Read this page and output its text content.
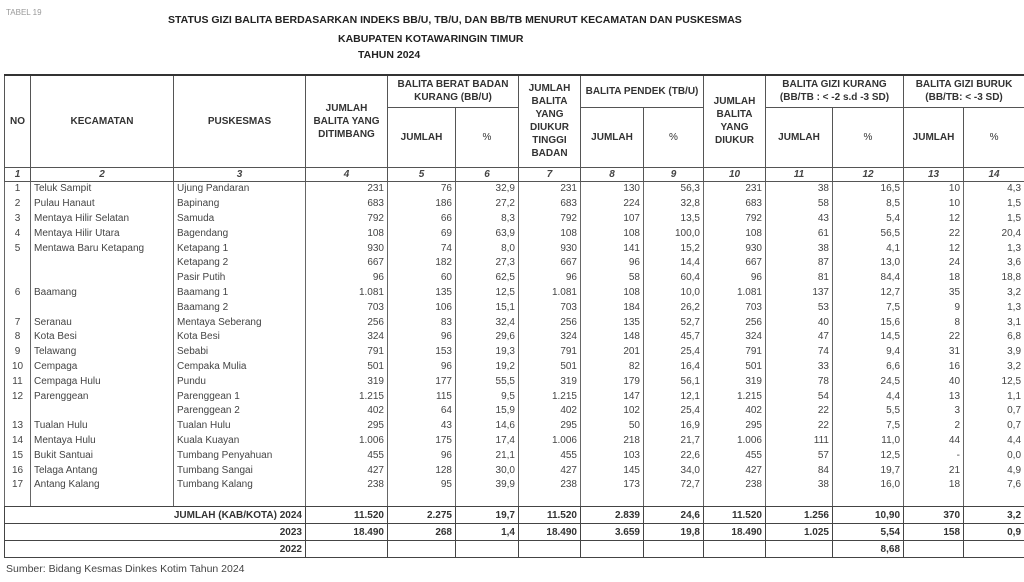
TABEL 19
STATUS GIZI BALITA BERDASARKAN INDEKS BB/U, TB/U, DAN BB/TB MENURUT KECAMATAN DAN PUSKESMAS
KABUPATEN KOTAWARINGIN TIMUR
TAHUN 2024
NO	KECAMATAN	PUSKESMAS	JUMLAH BALITA YANG DITIMBANG	BALITA BERAT BADAN KURANG (BB/U)		JUMLAH BALITA YANG DIUKUR TINGGI BADAN	BALITA PENDEK (TB/U)		JUMLAH BALITA YANG DIUKUR	BALITA GIZI KURANG (BB/TB : < -2 s.d -3 SD)		BALITA GIZI BURUK (BB/TB: < -3 SD)	
				JUMLAH	%		JUMLAH	%		JUMLAH	%	JUMLAH	%
1	2	3	4	5	6	7	8	9	10	11	12	13	14
1	Teluk Sampit	Ujung Pandaran	231	76	32,9	231	130	56,3	231	38	16,5	10	4,3
2	Pulau Hanaut	Bapinang	683	186	27,2	683	224	32,8	683	58	8,5	10	1,5
3	Mentaya Hilir Selatan	Samuda	792	66	8,3	792	107	13,5	792	43	5,4	12	1,5
4	Mentaya Hilir Utara	Bagendang	108	69	63,9	108	108	100,0	108	61	56,5	22	20,4
5	Mentawa Baru Ketapang	Ketapang 1	930	74	8,0	930	141	15,2	930	38	4,1	12	1,3
		Ketapang 2	667	182	27,3	667	96	14,4	667	87	13,0	24	3,6
		Pasir Putih	96	60	62,5	96	58	60,4	96	81	84,4	18	18,8
6	Baamang	Baamang 1	1.081	135	12,5	1.081	108	10,0	1.081	137	12,7	35	3,2
		Baamang 2	703	106	15,1	703	184	26,2	703	53	7,5	9	1,3
7	Seranau	Mentaya Seberang	256	83	32,4	256	135	52,7	256	40	15,6	8	3,1
8	Kota Besi	Kota Besi	324	96	29,6	324	148	45,7	324	47	14,5	22	6,8
9	Telawang	Sebabi	791	153	19,3	791	201	25,4	791	74	9,4	31	3,9
10	Cempaga	Cempaka Mulia	501	96	19,2	501	82	16,4	501	33	6,6	16	3,2
11	Cempaga Hulu	Pundu	319	177	55,5	319	179	56,1	319	78	24,5	40	12,5
12	Parenggean	Parenggean 1	1.215	115	9,5	1.215	147	12,1	1.215	54	4,4	13	1,1
		Parenggean 2	402	64	15,9	402	102	25,4	402	22	5,5	3	0,7
13	Tualan Hulu	Tualan Hulu	295	43	14,6	295	50	16,9	295	22	7,5	2	0,7
14	Mentaya Hulu	Kuala Kuayan	1.006	175	17,4	1.006	218	21,7	1.006	111	11,0	44	4,4
15	Bukit Santuai	Tumbang Penyahuan	455	96	21,1	455	103	22,6	455	57	12,5	-	0,0
16	Telaga Antang	Tumbang Sangai	427	128	30,0	427	145	34,0	427	84	19,7	21	4,9
17	Antang Kalang	Tumbang Kalang	238	95	39,9	238	173	72,7	238	38	16,0	18	7,6

JUMLAH (KAB/KOTA) 2024			11.520	2.275	19,7	11.520	2.839	24,6	11.520	1.256	10,90	370	3,2
2023			18.490	268	1,4	18.490	3.659	19,8	18.490	1.025	5,54	158	0,9
2022											8,68		
Sumber: Bidang Kesmas Dinkes Kotim Tahun 2024
